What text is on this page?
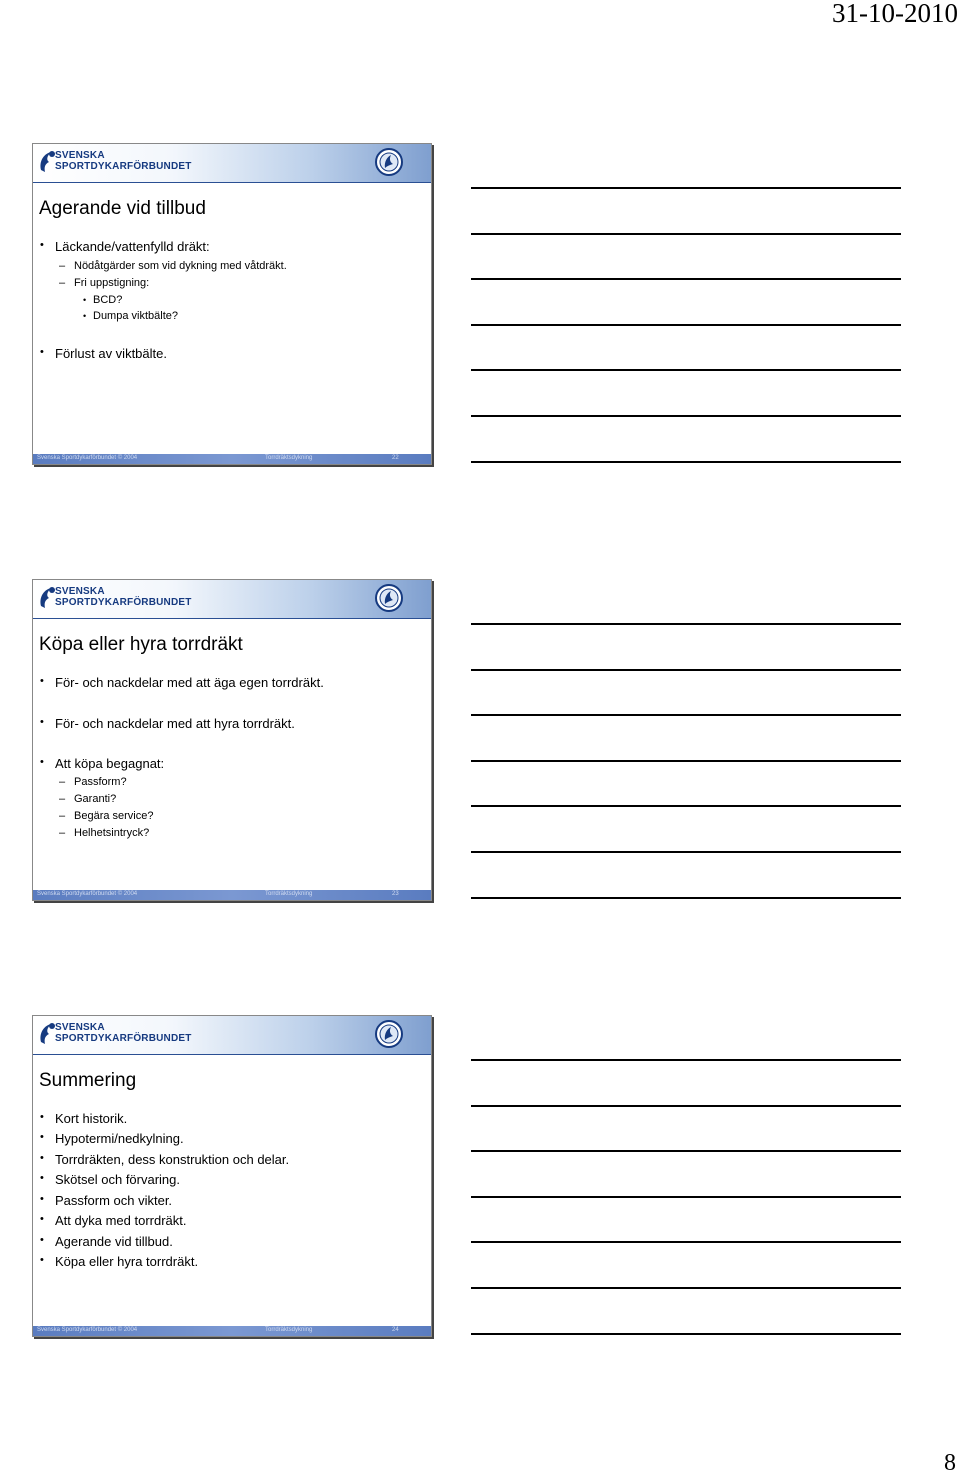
31-10-2010
SVENSKA
SPORTDYKARFÖRBUNDET
Agerande vid tillbud
• Läckande/vattenfylld dräkt:
– Nödåtgärder som vid dykning med våtdräkt.
– Fri uppstigning:
• BCD?
• Dumpa viktbälte?
• Förlust av viktbälte.
Svenska Sportdykarförbundet © 2004	Torrdräktsdykning	22
SVENSKA
SPORTDYKARFÖRBUNDET
Köpa eller hyra torrdräkt
• För- och nackdelar med att äga egen torrdräkt.
• För- och nackdelar med att hyra torrdräkt.
• Att köpa begagnat:
– Passform?
– Garanti?
– Begära service?
– Helhetsintryck?
Svenska Sportdykarförbundet © 2004	Torrdräktsdykning	23
SVENSKA
SPORTDYKARFÖRBUNDET
Summering
• Kort historik.
• Hypotermi/nedkylning.
• Torrdräkten, dess konstruktion och delar.
• Skötsel och förvaring.
• Passform och vikter.
• Att dyka med torrdräkt.
• Agerande vid tillbud.
• Köpa eller hyra torrdräkt.
Svenska Sportdykarförbundet © 2004	Torrdräktsdykning	24
8
